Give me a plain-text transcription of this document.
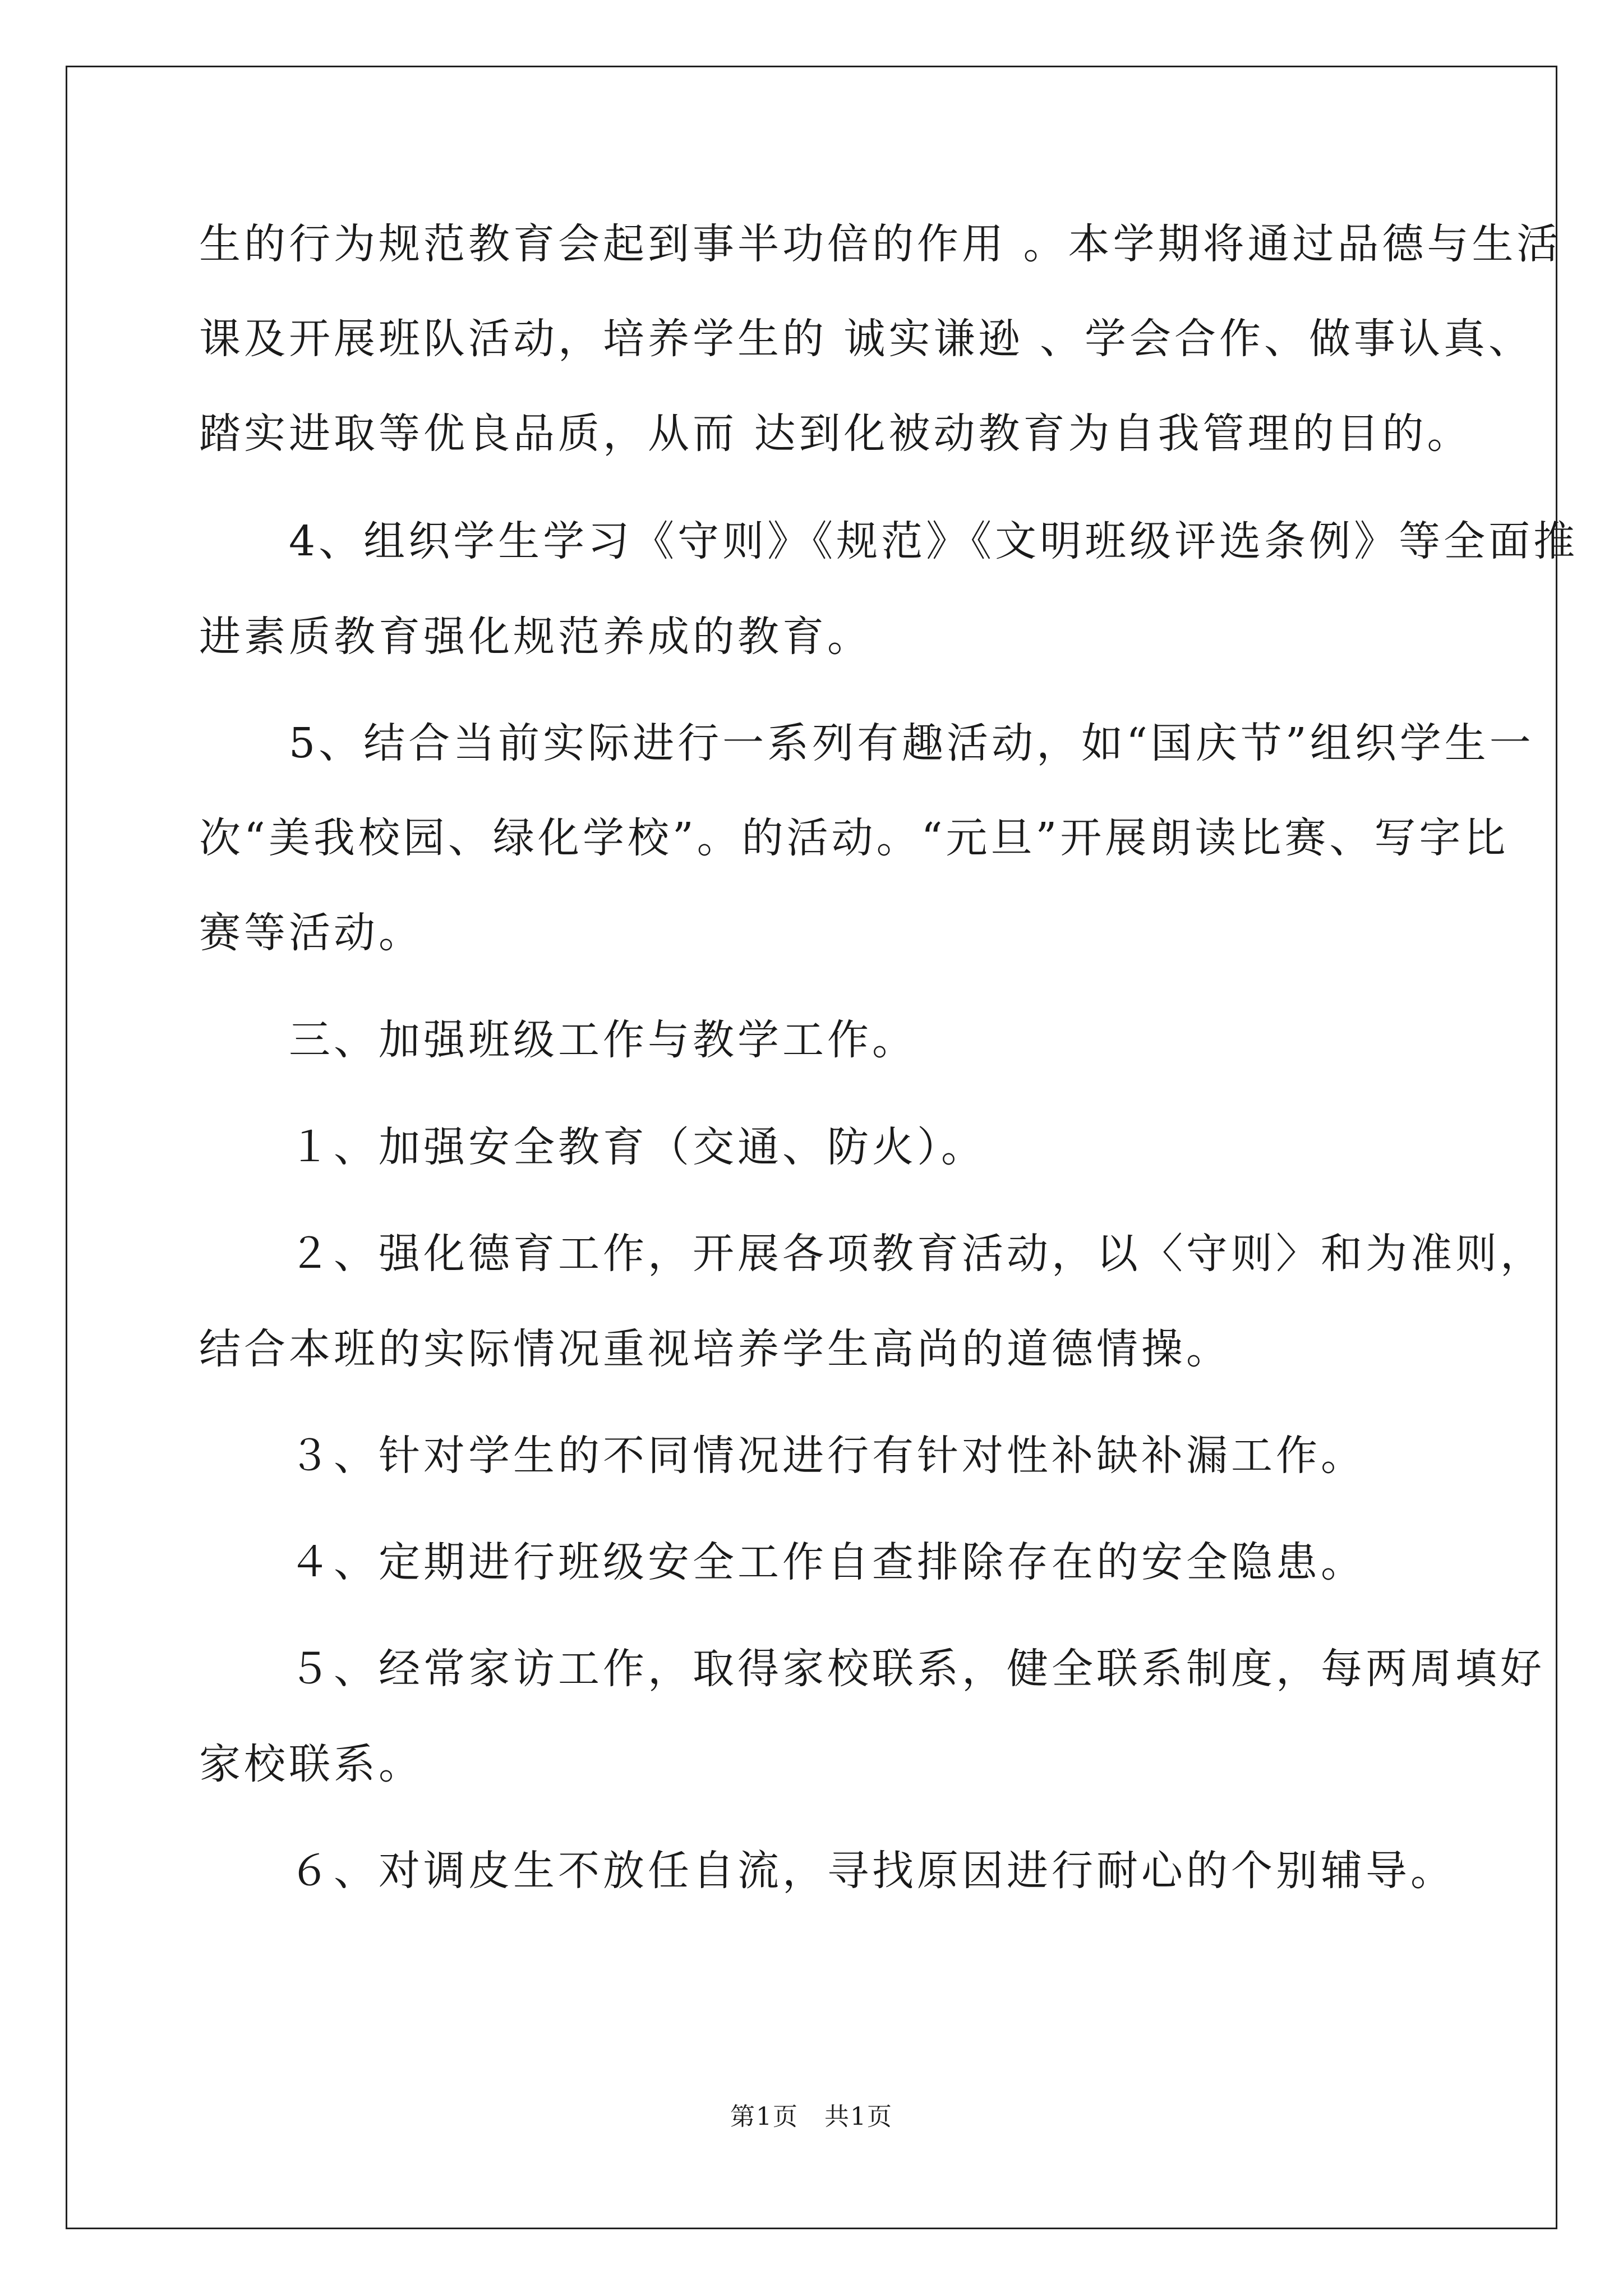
生的行为规范教育会起到事半功倍的作用 。本学期将通过品德与生活
课及开展班队活动，培养学生的 诚实谦逊 、学会合作、做事认真、
踏实进取等优良品质，从而 达到化被动教育为自我管理的目的。
　　4、组织学生学习《守则》《规范》《文明班级评选条例》等全面推
进素质教育强化规范养成的教育。
　　5、结合当前实际进行一系列有趣活动，如“国庆节”组织学生一
次“美我校园、绿化学校”。的活动。“元旦”开展朗读比赛、写字比
赛等活动。
　　三、加强班级工作与教学工作。
　　１、加强安全教育（交通、防火）。
　　２、强化德育工作，开展各项教育活动，以〈守则〉和为准则，
结合本班的实际情况重视培养学生高尚的道德情操。
　　３、针对学生的不同情况进行有针对性补缺补漏工作。
　　４、定期进行班级安全工作自查排除存在的安全隐患。
　　５、经常家访工作，取得家校联系，健全联系制度，每两周填好
家校联系。
　　６、对调皮生不放任自流，寻找原因进行耐心的个别辅导。
第1页　共1页
